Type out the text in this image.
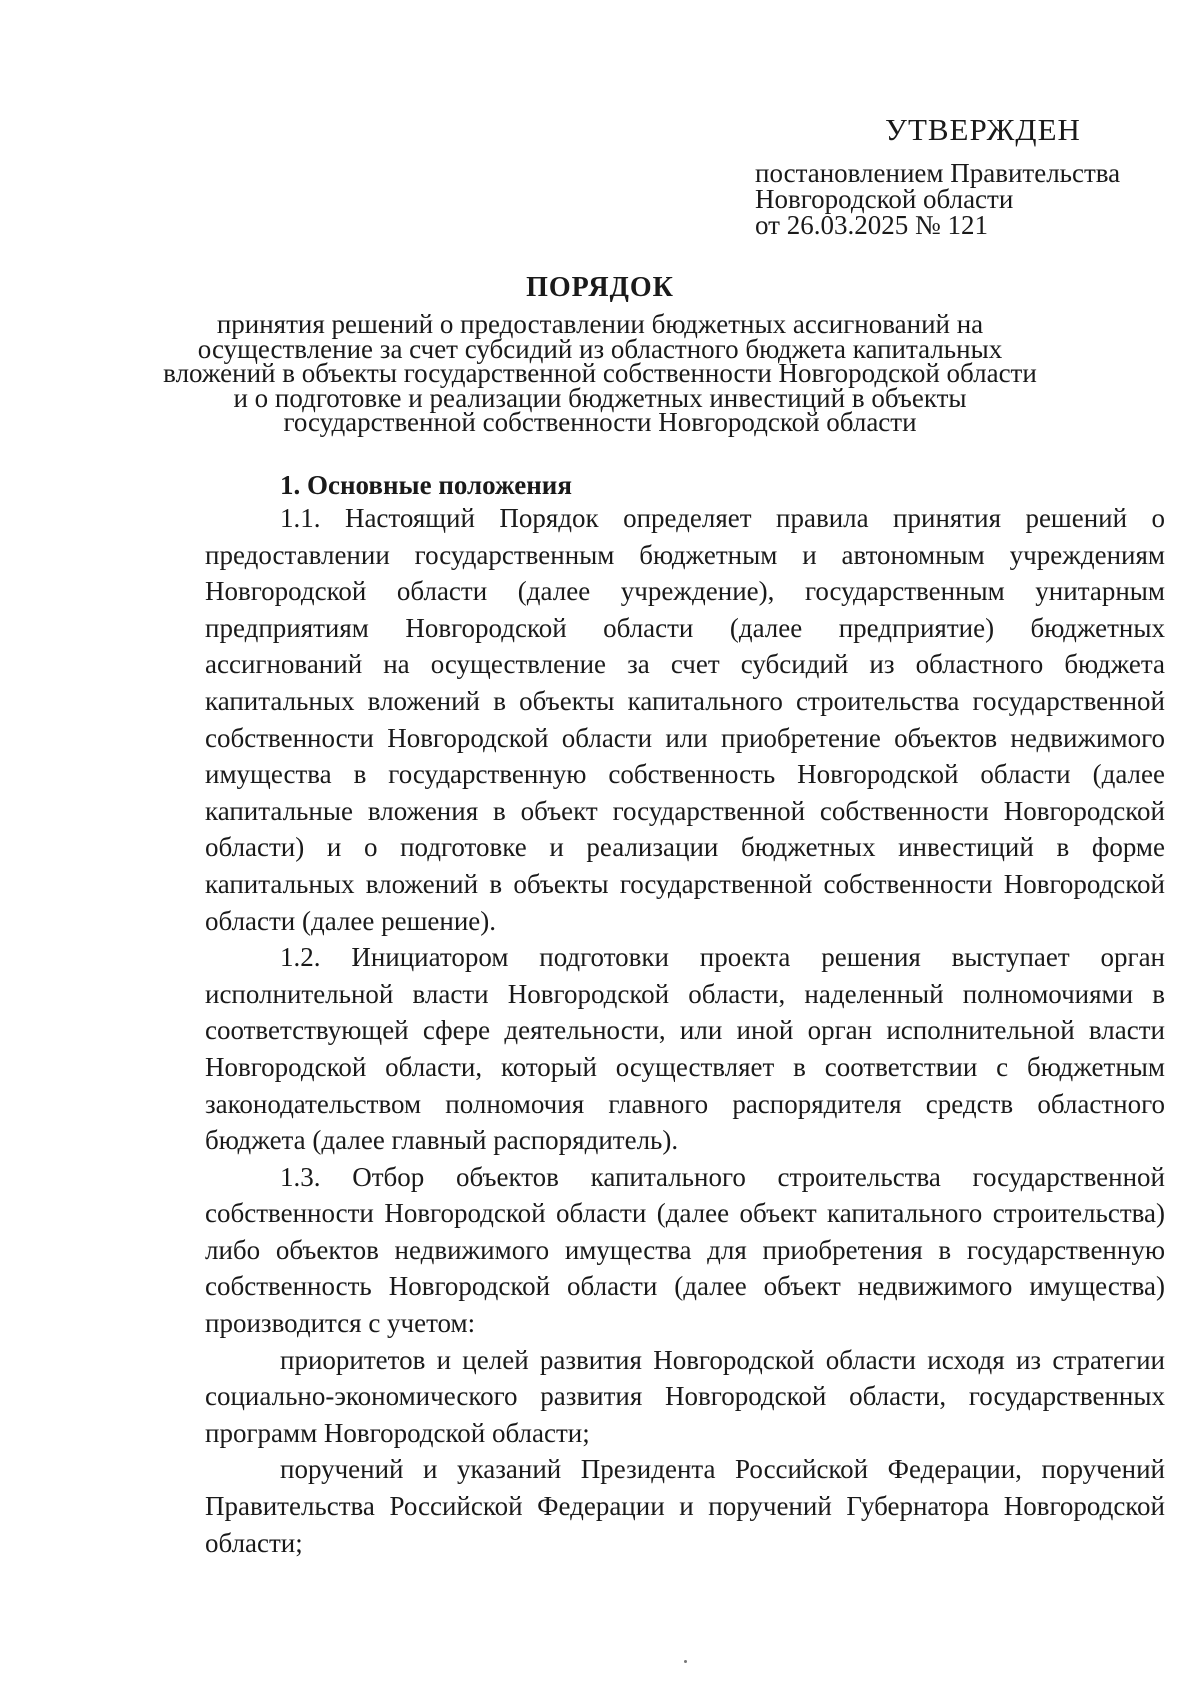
УТВЕРЖДЕН
постановлением Правительства
Новгородской области
от 26.03.2025 № 121
ПОРЯДОК
принятия решений о предоставлении бюджетных ассигнований на
осуществление за счет субсидий из областного бюджета капитальных
вложений в объекты государственной собственности Новгородской области
и о подготовке и реализации бюджетных инвестиций в объекты
государственной собственности Новгородской области
1. Основные положения

1.1. Настоящий Порядок определяет правила принятия решений о предоставлении государственным бюджетным и автономным учреждениям Новгородской области (далее учреждение), государственным унитарным предприятиям Новгородской области (далее предприятие) бюджетных ассигнований на осуществление за счет субсидий из областного бюджета капитальных вложений в объекты капитального строительства государственной собственности Новгородской области или приобретение объектов недвижимого имущества в государственную собственность Новгородской области (далее капитальные вложения в объект государственной собственности Новгородской области) и о подготовке и реализации бюджетных инвестиций в форме капитальных вложений в объекты государственной собственности Новгородской области (далее решение).

1.2. Инициатором подготовки проекта решения выступает орган исполнительной власти Новгородской области, наделенный полномочиями в соответствующей сфере деятельности, или иной орган исполнительной власти Новгородской области, который осуществляет в соответствии с бюджетным законодательством полномочия главного распорядителя средств областного бюджета (далее главный распорядитель).

1.3. Отбор объектов капитального строительства государственной собственности Новгородской области (далее объект капитального строительства) либо объектов недвижимого имущества для приобретения в государственную собственность Новгородской области (далее объект недвижимого имущества) производится с учетом:

приоритетов и целей развития Новгородской области исходя из стратегии социально-экономического развития Новгородской области, государственных программ Новгородской области;

поручений и указаний Президента Российской Федерации, поручений Правительства Российской Федерации и поручений Губернатора Новгородской области;
